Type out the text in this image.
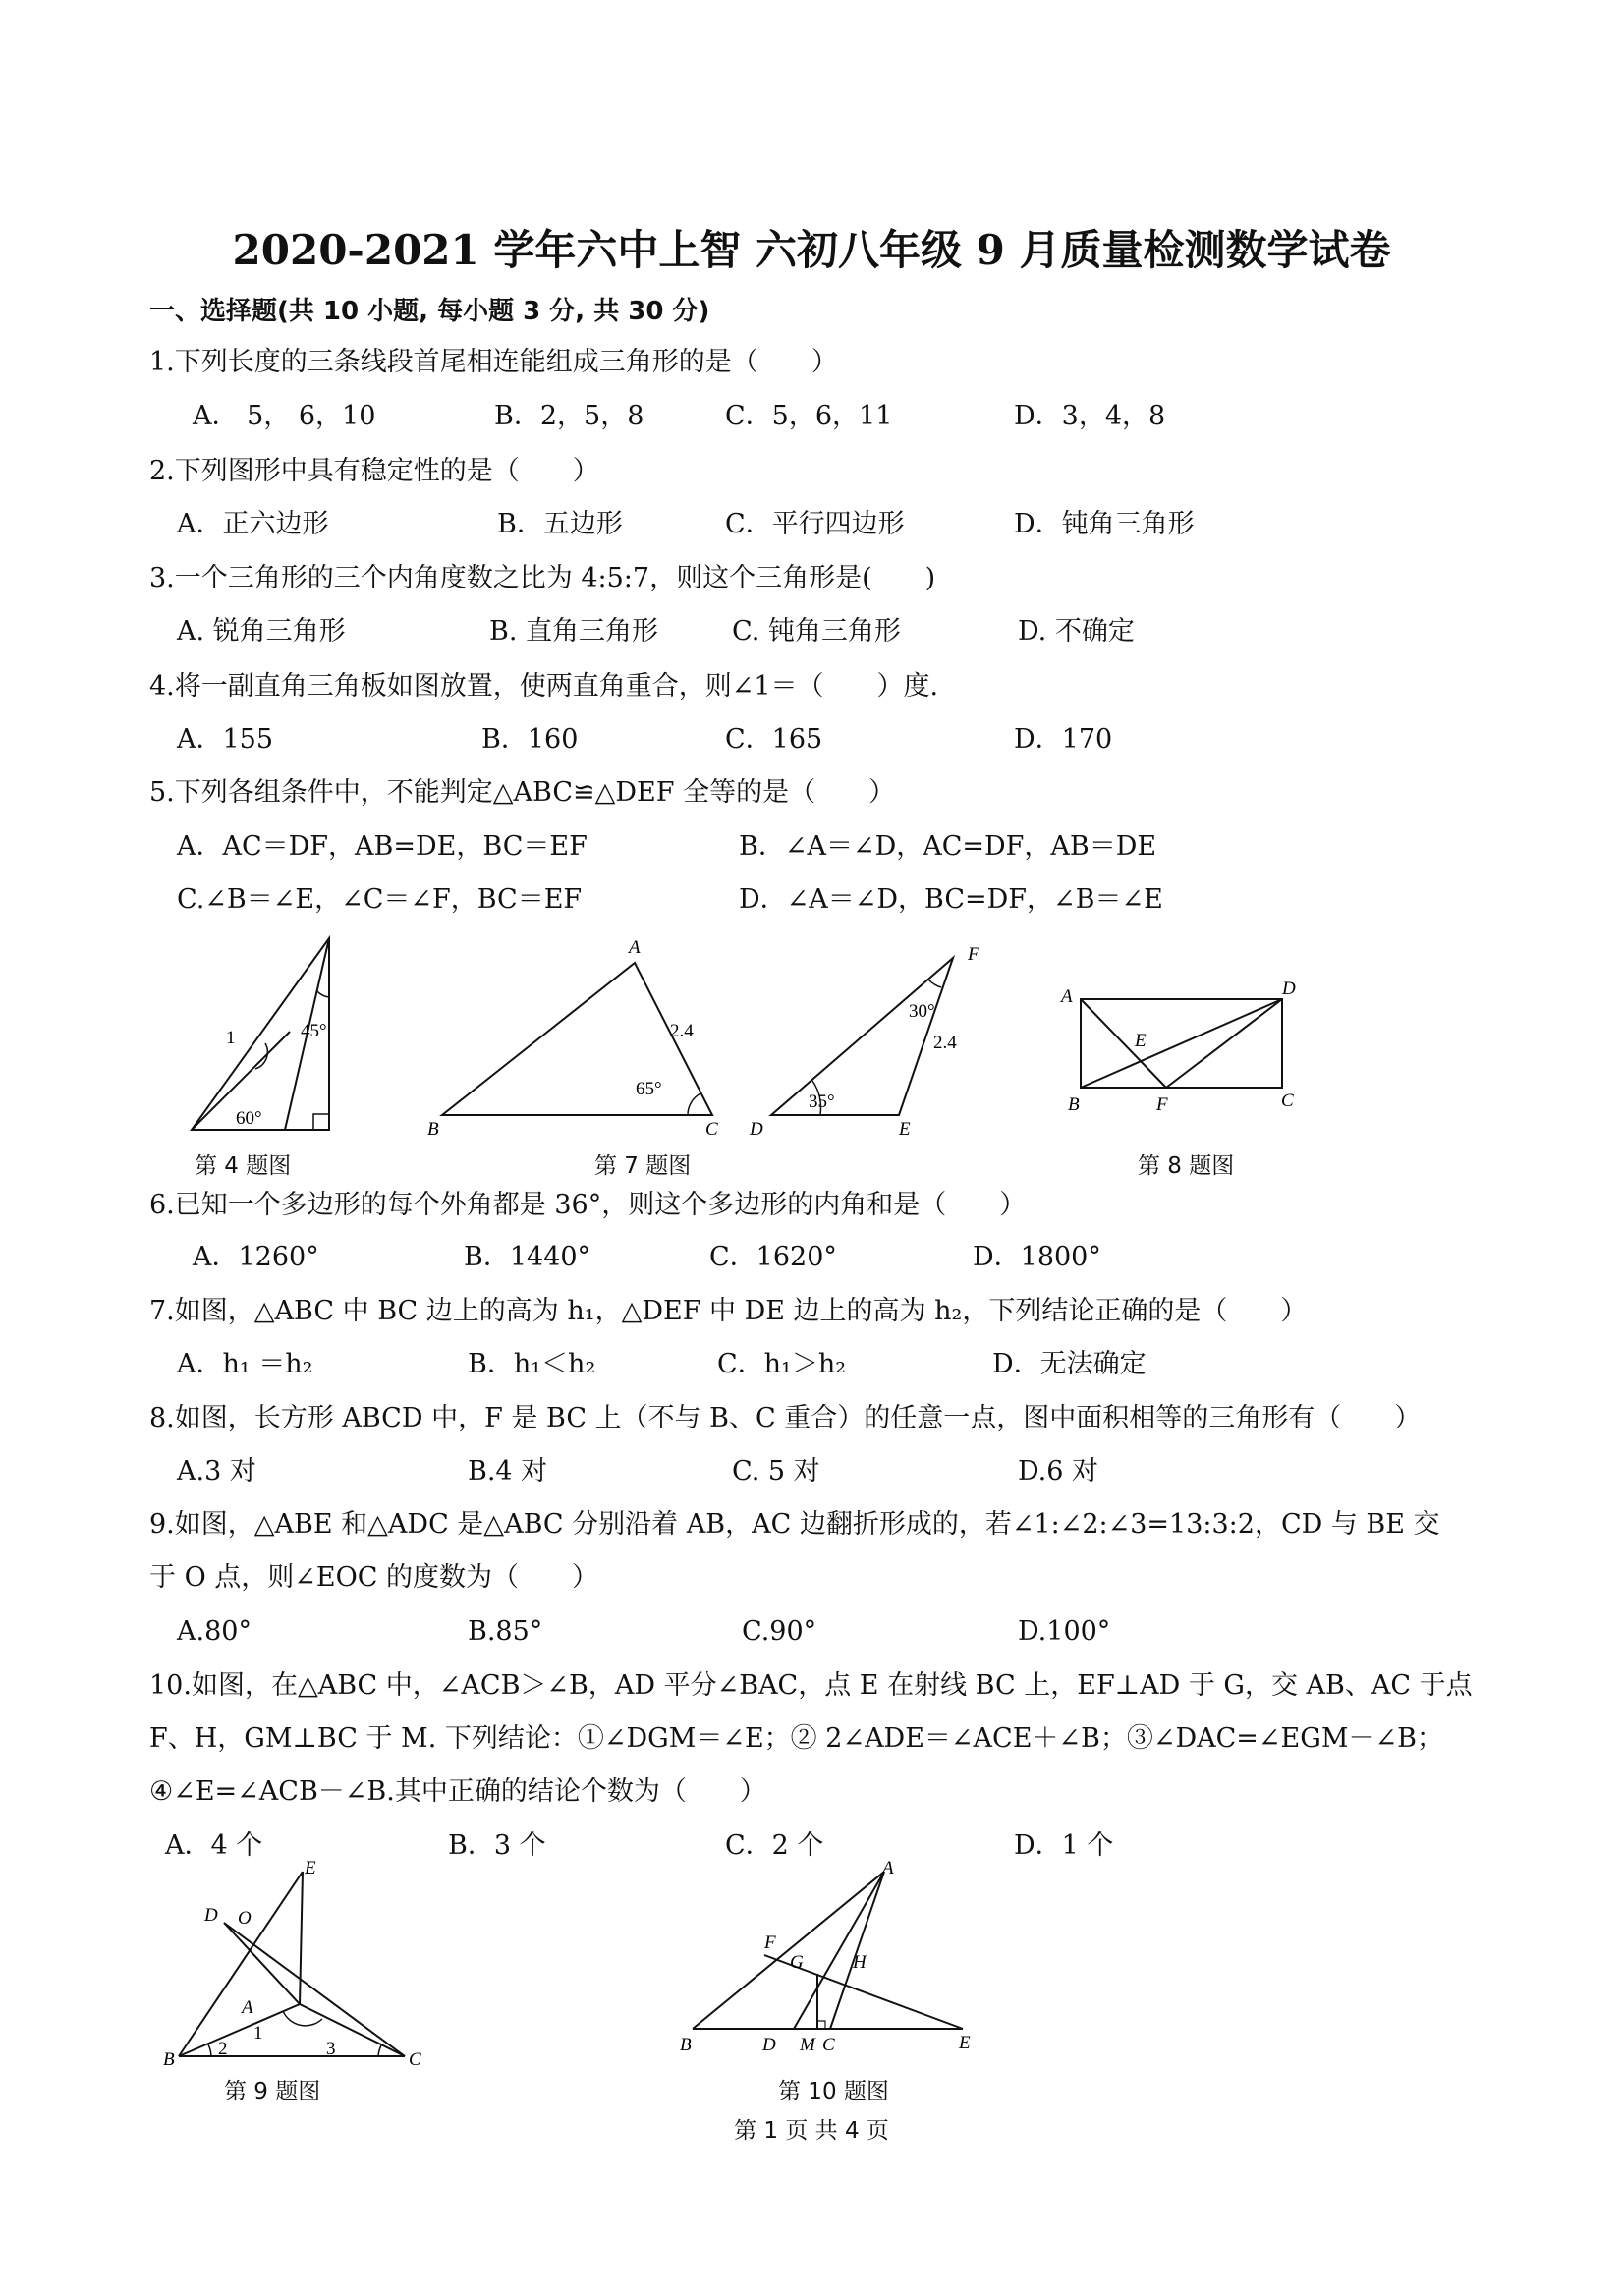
2020-2021 学年六中上智 六初八年级 9 月质量检测数学试卷
一、选择题(共 10 小题, 每小题 3 分, 共 30 分)
1.下列长度的三条线段首尾相连能组成三角形的是（　　）
A． 5， 6，10	B．2，5，8	C．5，6，11	D．3，4，8
2.下列图形中具有稳定性的是（　　）
A．正六边形	B．五边形	C．平行四边形	D．钝角三角形
3.一个三角形的三个内角度数之比为 4:5:7，则这个三角形是(　　)
A. 锐角三角形	B. 直角三角形	C. 钝角三角形	D. 不确定
4.将一副直角三角板如图放置，使两直角重合，则∠1＝（　　）度.
A．155	B．160	C．165	D．170
5.下列各组条件中，不能判定△ABC≌△DEF 全等的是（　　）
A．AC＝DF，AB=DE，BC＝EF	B．∠A＝∠D，AC=DF，AB＝DE
C.∠B＝∠E，∠C＝∠F，BC＝EF	D．∠A＝∠D，BC=DF，∠B＝∠E
1	45°
60°
第 4 题图
A
B	C
2.4
65°
F
D	E
30°
2.4
35°
第 7 题图
A	D
E
B	F	C
第 8 题图
6.已知一个多边形的每个外角都是 36°，则这个多边形的内角和是（　　）
A．1260°	B．1440°	C．1620°	D．1800°
7.如图，△ABC 中 BC 边上的高为 h₁，△DEF 中 DE 边上的高为 h₂，下列结论正确的是（　　）
A．h₁ ＝h₂	B．h₁＜h₂	C．h₁＞h₂	D．无法确定
8.如图，长方形 ABCD 中，F 是 BC 上（不与 B、C 重合）的任意一点，图中面积相等的三角形有（　　）
A.3 对	B.4 对	C. 5 对	D.6 对
9.如图，△ABE 和△ADC 是△ABC 分别沿着 AB，AC 边翻折形成的，若∠1:∠2:∠3=13:3:2，CD 与 BE 交
于 O 点，则∠EOC 的度数为（　　）
A.80°	B.85°	C.90°	D.100°
10.如图，在△ABC 中，∠ACB＞∠B，AD 平分∠BAC，点 E 在射线 BC 上，EF⊥AD 于 G，交 AB、AC 于点
F、H，GM⊥BC 于 M. 下列结论：①∠DGM＝∠E；② 2∠ADE＝∠ACE＋∠B；③∠DAC=∠EGM－∠B；
④∠E=∠ACB－∠B.其中正确的结论个数为（　　）
A．4 个	B．3 个	C．2 个	D．1 个
E
D O
A
1
B
2	3
C
第 9 题图
A
F
G	H
B	D M C	E
第 10 题图
第 1 页 共 4 页
